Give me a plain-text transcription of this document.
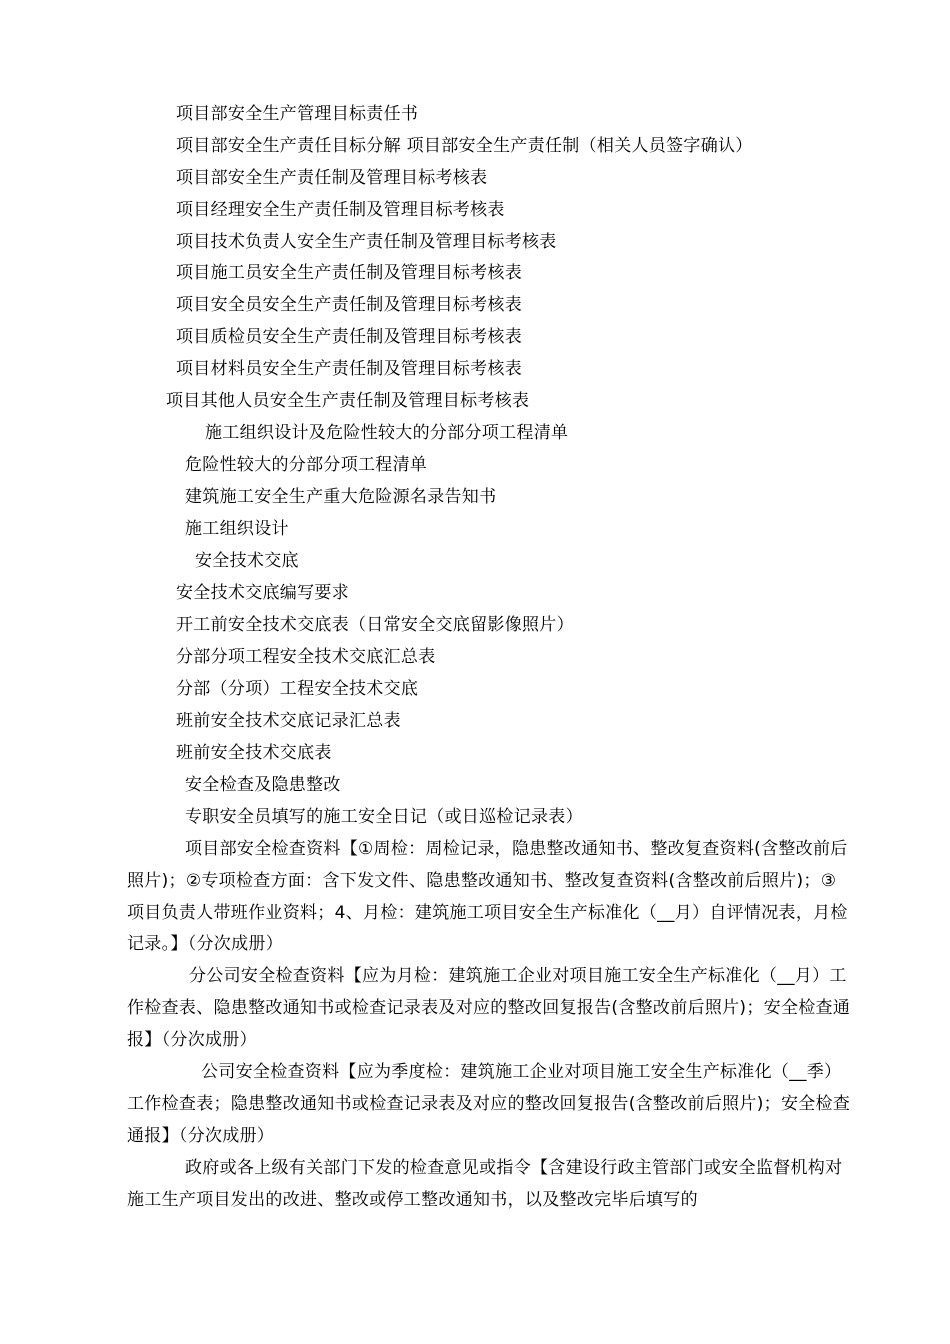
项目部安全生产管理目标责任书
项目部安全生产责任目标分解 项目部安全生产责任制（相关人员签字确认）
项目部安全生产责任制及管理目标考核表
项目经理安全生产责任制及管理目标考核表
项目技术负责人安全生产责任制及管理目标考核表
项目施工员安全生产责任制及管理目标考核表
项目安全员安全生产责任制及管理目标考核表
项目质检员安全生产责任制及管理目标考核表
项目材料员安全生产责任制及管理目标考核表
项目其他人员安全生产责任制及管理目标考核表
施工组织设计及危险性较大的分部分项工程清单
危险性较大的分部分项工程清单
建筑施工安全生产重大危险源名录告知书
施工组织设计
安全技术交底
安全技术交底编写要求
开工前安全技术交底表（日常安全交底留影像照片）
分部分项工程安全技术交底汇总表
分部（分项）工程安全技术交底
班前安全技术交底记录汇总表
班前安全技术交底表
安全检查及隐患整改
专职安全员填写的施工安全日记（或日巡检记录表）

项目部安全检查资料【①周检：周检记录，隐患整改通知书、整改复查资料(含整改前后照片)；②专项检查方面：含下发文件、隐患整改通知书、整改复查资料(含整改前后照片)；③项目负责人带班作业资料；4、月检：建筑施工项目安全生产标准化（__月）自评情况表，月检记录。】（分次成册）

分公司安全检查资料【应为月检：建筑施工企业对项目施工安全生产标准化（__月）工作检查表、隐患整改通知书或检查记录表及对应的整改回复报告(含整改前后照片)；安全检查通报】（分次成册）

公司安全检查资料【应为季度检：建筑施工企业对项目施工安全生产标准化（__季）工作检查表；隐患整改通知书或检查记录表及对应的整改回复报告(含整改前后照片)；安全检查通报】（分次成册）

政府或各上级有关部门下发的检查意见或指令【含建设行政主管部门或安全监督机构对施工生产项目发出的改进、整改或停工整改通知书，以及整改完毕后填写的
